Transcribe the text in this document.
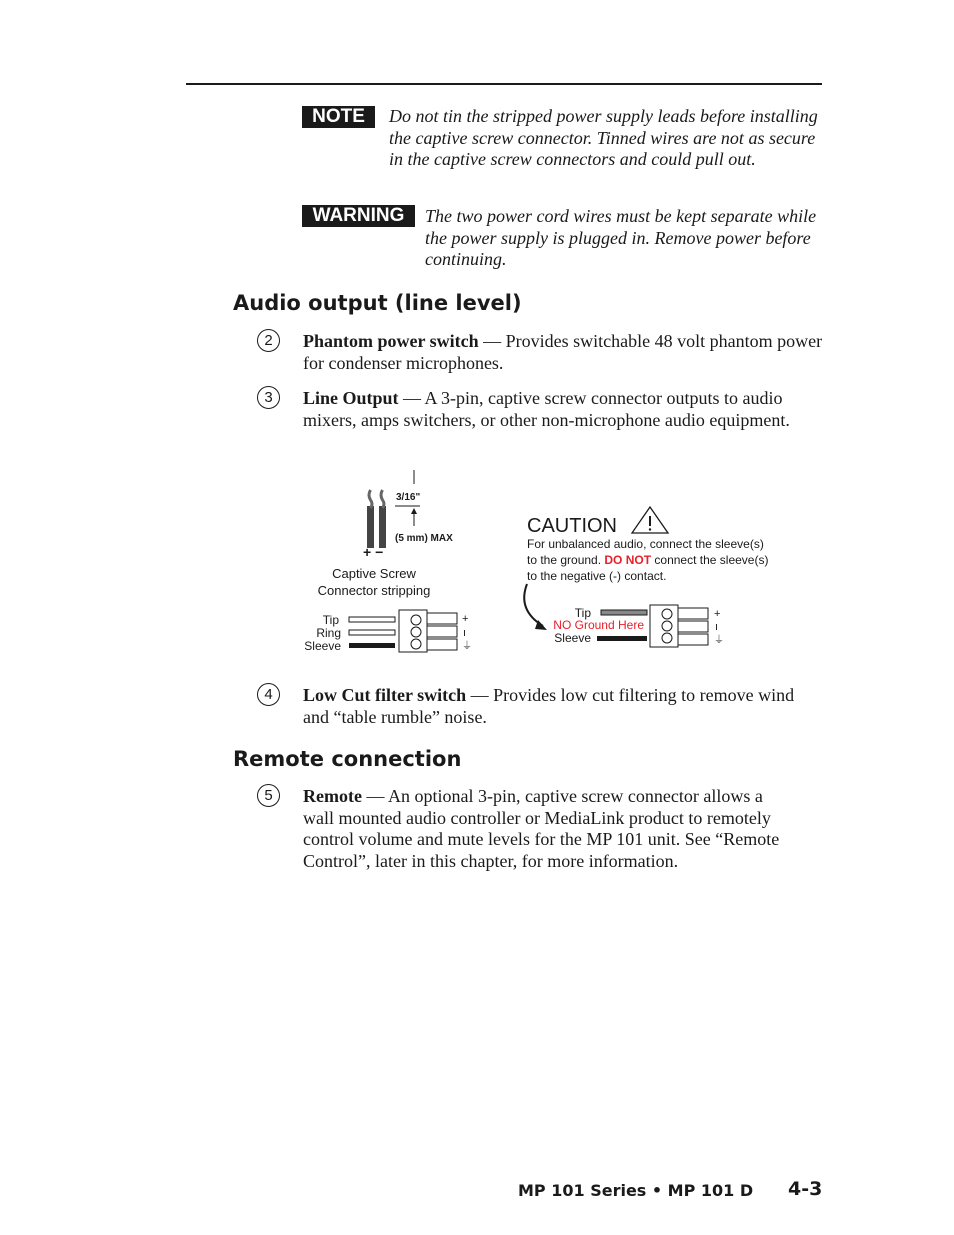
NOTE	Do not tin the stripped power supply leads before installing the captive screw connector. Tinned wires are not as secure in the captive screw connectors and could pull out.
WARNING	The two power cord wires must be kept separate while the power supply is plugged in. Remove power before continuing.
Audio output (line level)
2	Phantom power switch — Provides switchable 48 volt phantom power for condenser microphones.
3	Line Output — A 3-pin, captive screw connector outputs to audio mixers, amps switchers, or other non-microphone audio equipment.
+ −
3/16"
(5 mm) MAX
Captive Screw
Connector stripping
Tip
Ring
Sleeve
+
ı
⏚
CAUTION
For unbalanced audio, connect the sleeve(s)
to the ground. DO NOT connect the sleeve(s)
to the negative (-) contact.
Tip
NO Ground Here
Sleeve
+
ı
⏚
4	Low Cut filter switch — Provides low cut filtering to remove wind and “table rumble” noise.
Remote connection
5	Remote — An optional 3-pin, captive screw connector allows a wall mounted audio controller or MediaLink product to remotely control volume and mute levels for the MP 101 unit. See “Remote Control”, later in this chapter, for more information.
MP 101 Series • MP 101 D 4-3
